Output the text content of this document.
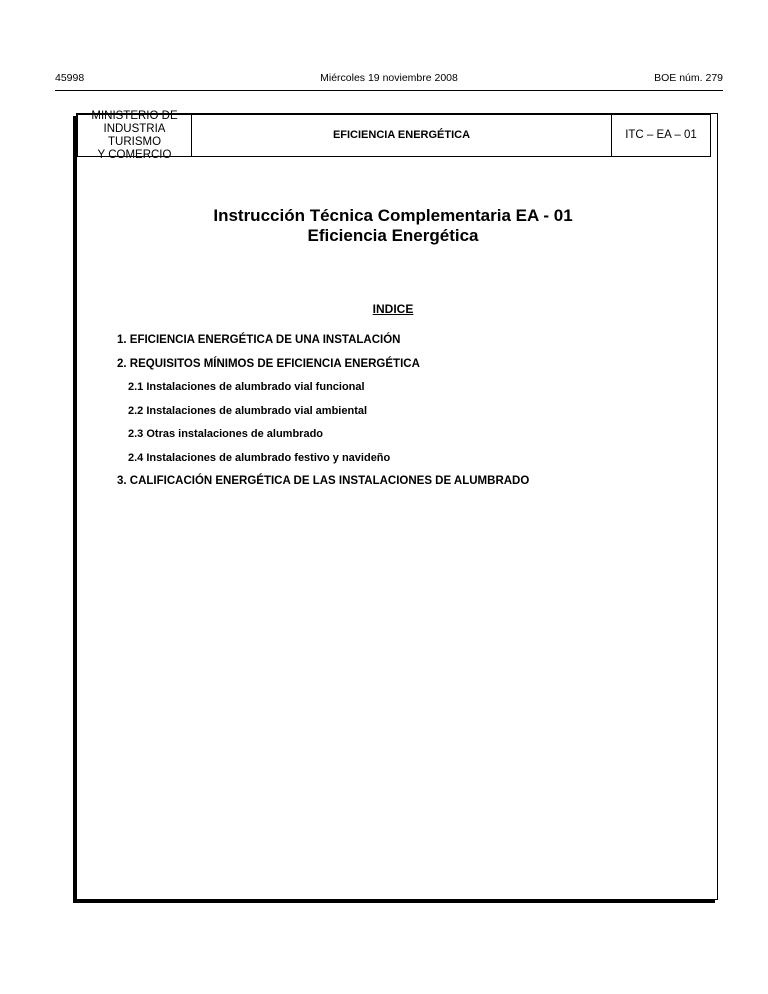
45998	Miércoles 19 noviembre 2008	BOE núm. 279
MINISTERIO DE
INDUSTRIA TURISMO
Y COMERCIO
EFICIENCIA ENERGÉTICA	ITC – EA – 01
Instrucción Técnica Complementaria EA - 01
Eficiencia Energética
INDICE
1. EFICIENCIA ENERGÉTICA DE UNA INSTALACIÓN
2. REQUISITOS MÍNIMOS DE EFICIENCIA ENERGÉTICA
2.1 Instalaciones de alumbrado vial funcional
2.2 Instalaciones de alumbrado vial ambiental
2.3 Otras instalaciones de alumbrado
2.4 Instalaciones de alumbrado festivo y navideño
3. CALIFICACIÓN ENERGÉTICA DE LAS INSTALACIONES DE ALUMBRADO
